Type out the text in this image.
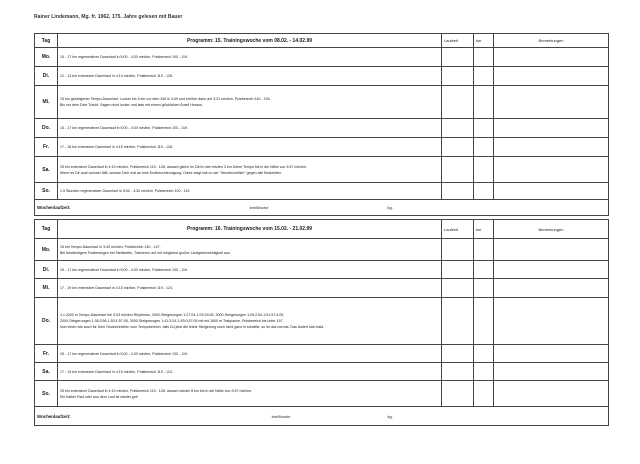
Rainer Lindemann, Mg. fr. 1962, 175. Jahre gelesen mit Bauer
Tag	Programm: 15. Trainingswoche vom 08.02. - 14.02.99	Laufzeit	km	Bemerkungen
Mo.	15 - 17 km regenerativer Dauerlauf in 5:00 - 4:30 min/km, Pulsbereich 100 - 119.			

Di.	12 - 13 km extensiver Dauerlauf in 4:14 min/km, Pulsbereich 119 - 128.			

Mi.	15 km gesteigerter Tempo-Dauerlauf. Locker bis 5 km vor dem Ziel in 3:49 und erhöhe dann auf 3:31 min/km, Pulsbereich 140 - 154.
Bis vor dem Dein Trackt. Sagen nicht locker und lass mit einem glücklichen Anteil Heraus.			

Do.	15 - 17 km regenerativer Dauerlauf in 5:00 - 4:30 min/km, Pulsbereich 100 - 119.			

Fr.	17 - 18 km extensiver Dauerlauf in 4:15 min/km, Pulsbereich 119 - 128.			

Sa.	25 km extensiver Dauerlauf in 4:19 min/km, Pulsbereich 119 - 128, danach gleich im Ziel in den letzten 3 km Deine Tempo bis in die Nähe von 3:57 min/km.
Wenn es Dir auch schwer fällt, schaue Dich mal an eine Endbeschleunigung. Diese zeigt sich in der "Wunderzeitlich" gegen alle Bestzeiten.			

So.	1.5 Stunden regenerativer Dauerlauf in 5:00 - 4:30 min/km, Pulsbereich 100 - 119.			

Wochenlaufzeit: km/Woche		kg.		
Tag	Programm: 16. Trainingswoche vom 15.02. - 21.02.99	Laufzeit	km	Bemerkungen
Mo.	15 km Tempo-Dauerlauf in 3:49 min/km, Pulsbereich 140 - 147.
Bei beständigem Fortbewegen bei Steilwetter, Trainieren auf mit möglichst großer Laufgeschwindigkeit aus.			

Di.	15 - 17 km regenerativer Dauerlauf in 5:00 - 4:30 min/km, Pulsbereich 100 - 119.			

Mi.	17 - 19 km extensiver Dauerlauf in 4:15 min/km, Pulsbereich 119 - 124.			

Do.	4 x 2000 m Tempo-Dauerlauf bei 3:03 min/km Rhythmus, 2000-Steigerungen 1:27:04-1:03:24:05, 3000-Steigerungen 1:29:2:54-1:51:57:4:05,
2000-Steigerungen 1:38:2:58-1:53:1:57:05, 3000-Steigerungen 1:41:3:24-1:53:0:57:05 mit mit 1600 m Trabpause, Pulsbereich bis unter 157.
Nun einen wie auch für Dein Gewohnheiten vom Tempobereich, falls Du jetzt die letzte Steigerung noch nicht ganz in schaffst, so ist das normal. Das ändert sich bald.			

Fr.	15 - 17 km regenerativer Dauerlauf in 5:00 - 4:30 min/km, Pulsbereich 100 - 119.			

Sa.	17 - 19 km extensiver Dauerlauf in 4:15 min/km, Pulsbereich 119 - 124.			

So.	25 km extensiver Dauerlauf in 4:19 min/km, Pulsbereich 119 - 128, danach wieder 8 km bis in die Nähe von 3:57 min/km.
Ein halber Rad oder aus dem Lauf ist wieder gut!			

Wochenlaufzeit: km/Woche		kg.		
